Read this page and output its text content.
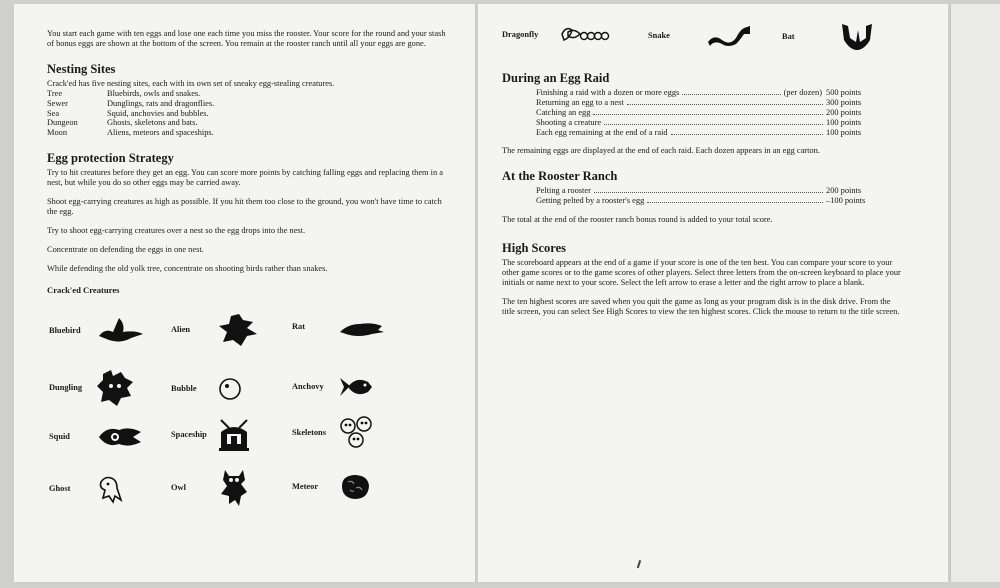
You start each game with ten eggs and lose one each time you miss the rooster. Your score for the round and your stash of bonus eggs are shown at the bottom of the screen. You remain at the rooster ranch until all your eggs are gone.

Nesting Sites
Crack'ed has five nesting sites, each with its own set of sneaky egg-stealing creatures.
Tree	Bluebirds, owls and snakes.
Sewer	Dunglings, rats and dragonflies.
Sea	Squid, anchovies and bubbles.
Dungeon	Ghosts, skeletons and bats.
Moon	Aliens, meteors and spaceships.
Egg protection Strategy

Try to hit creatures before they get an egg. You can score more points by catching falling eggs and replacing them in a nest, but while you do so other eggs may be carried away.

Shoot egg-carrying creatures as high as possible. If you hit them too close to the ground, you won't have time to catch the egg.

Try to shoot egg-carrying creatures over a nest so the egg drops into the nest.

Concentrate on defending the eggs in one nest.

While defending the old yolk tree, concentrate on shooting birds rather than snakes.

Crack'ed Creatures
Bluebird	Alien	Rat
Dungling	Bubble	Anchovy
Squid	Spaceship	Skeletons
Ghost	Owl	Meteor
Dragonfly	Snake	Bat
During an Egg Raid
Finishing a raid with a dozen or more eggs	(per dozen) 500 points
Returning an egg to a nest	300 points
Catching an egg	200 points
Shooting a creature	100 points
Each egg remaining at the end of a raid	100 points

The remaining eggs are displayed at the end of each raid. Each dozen appears in an egg carton.

At the Rooster Ranch
Pelting a rooster	200 points
Getting pelted by a rooster's egg	–100 points

The total at the end of the rooster ranch bonus round is added to your total score.

High Scores

The scoreboard appears at the end of a game if your score is one of the ten best. You can compare your score to your other game scores or to the game scores of other players. Select three letters from the on-screen keyboard to place your initials or name next to your score. Select the left arrow to erase a letter and the right arrow to place a blank.

The ten highest scores are saved when you quit the game as long as your program disk is in the disk drive. From the title screen, you can select See High Scores to view the ten highest scores. Click the mouse to return to the title screen.
